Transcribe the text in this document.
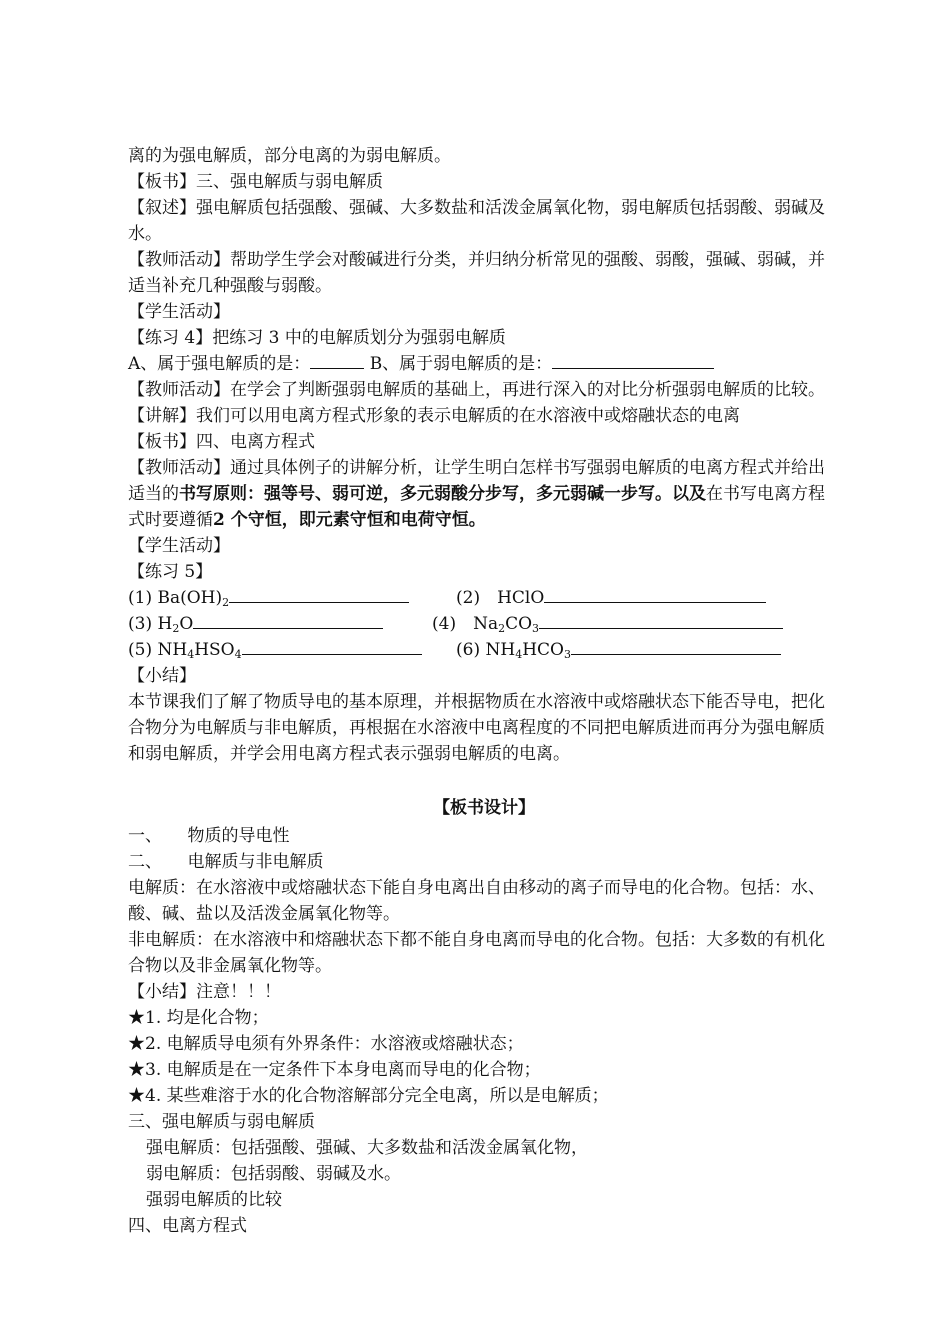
离的为强电解质，部分电离的为弱电解质。
【板书】三、强电解质与弱电解质
【叙述】强电解质包括强酸、强碱、大多数盐和活泼金属氧化物，弱电解质包括弱酸、弱碱及水。
【教师活动】帮助学生学会对酸碱进行分类，并归纳分析常见的强酸、弱酸，强碱、弱碱，并适当补充几种强酸与弱酸。
【学生活动】
【练习 4】把练习 3 中的电解质划分为强弱电解质
A、属于强电解质的是：	B、属于弱电解质的是：
【教师活动】在学会了判断强弱电解质的基础上，再进行深入的对比分析强弱电解质的比较。
【讲解】我们可以用电离方程式形象的表示电解质的在水溶液中或熔融状态的电离
【板书】四、电离方程式
【教师活动】通过具体例子的讲解分析，让学生明白怎样书写强弱电解质的电离方程式并给出适当的书写原则：强等号、弱可逆，多元弱酸分步写，多元弱碱一步写。以及在书写电离方程式时要遵循2 个守恒，即元素守恒和电荷守恒。
【学生活动】
【练习 5】
(1) $Ba(OH)_2$	(2)　HClO
(3) $H_2O$	(4)　$Na_2CO_3$
(5) $NH_4HSO_4$	(6) $NH_4HCO_3$
【小结】
本节课我们了解了物质导电的基本原理，并根据物质在水溶液中或熔融状态下能否导电，把化合物分为电解质与非电解质，再根据在水溶液中电离程度的不同把电解质进而再分为强电解质和弱电解质，并学会用电离方程式表示强弱电解质的电离。
【板书设计】
一、　　物质的导电性
二、　　电解质与非电解质
电解质：在水溶液中或熔融状态下能自身电离出自由移动的离子而导电的化合物。包括：水、酸、碱、盐以及活泼金属氧化物等。
非电解质：在水溶液中和熔融状态下都不能自身电离而导电的化合物。包括：大多数的有机化合物以及非金属氧化物等。
【小结】注意！！！
★1. 均是化合物；
★2. 电解质导电须有外界条件：水溶液或熔融状态；
★3. 电解质是在一定条件下本身电离而导电的化合物；
★4. 某些难溶于水的化合物溶解部分完全电离，所以是电解质；
三、强电解质与弱电解质
强电解质：包括强酸、强碱、大多数盐和活泼金属氧化物，
弱电解质：包括弱酸、弱碱及水。
强弱电解质的比较
四、电离方程式
